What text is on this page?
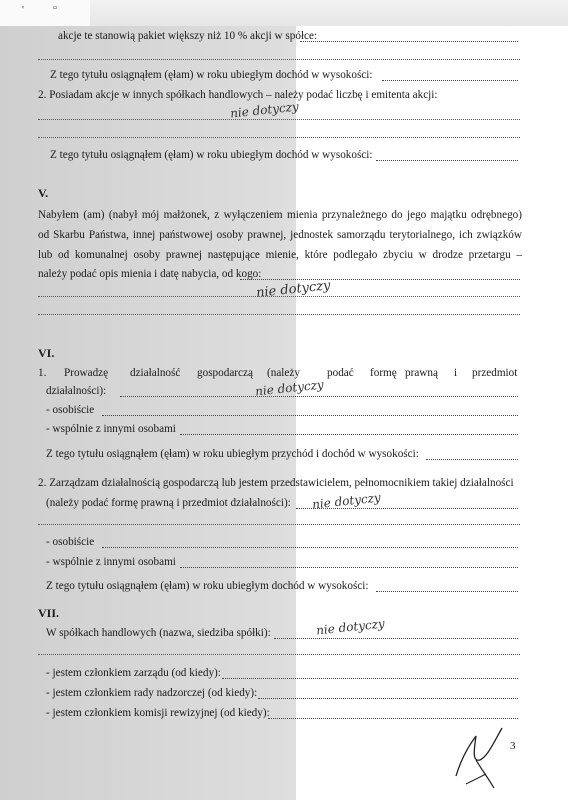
'	▫
akcje te stanowią pakiet większy niż 10 % akcji w spółce:
Z tego tytułu osiągnąłem (ęłam) w roku ubiegłym dochód w wysokości:
2. Posiadam akcje w innych spółkach handlowych – należy podać liczbę i emitenta akcji:
nie dotyczy
Z tego tytułu osiągnąłem (ęłam) w roku ubiegłym dochód w wysokości:
V.
Nabyłem (am) (nabył mój małżonek, z wyłączeniem mienia przynależnego do jego majątku odrębnego)
od Skarbu Państwa, innej państwowej osoby prawnej, jednostek samorządu terytorialnego, ich związków
lub od komunalnej osoby prawnej następujące mienie, które podlegało zbyciu w drodze przetargu –
należy podać opis mienia i datę nabycia, od kogo:
nie dotyczy
VI.
1. Prowadzę działalność gospodarczą (należy podać formę prawną i przedmiot
działalności):	nie dotyczy
- osobiście
- wspólnie z innymi osobami
Z tego tytułu osiągnąłem (ęłam) w roku ubiegłym przychód i dochód w wysokości:
2. Zarządzam działalnością gospodarczą lub jestem przedstawicielem, pełnomocnikiem takiej działalności
(należy podać formę prawną i przedmiot działalności): nie dotyczy
- osobiście
- wspólnie z innymi osobami
Z tego tytułu osiągnąłem (ęłam) w roku ubiegłym dochód w wysokości:
VII.
W spółkach handlowych (nazwa, siedziba spółki):	nie dotyczy
- jestem członkiem zarządu (od kiedy):
- jestem członkiem rady nadzorczej (od kiedy):
- jestem członkiem komisji rewizyjnej (od kiedy):
3
